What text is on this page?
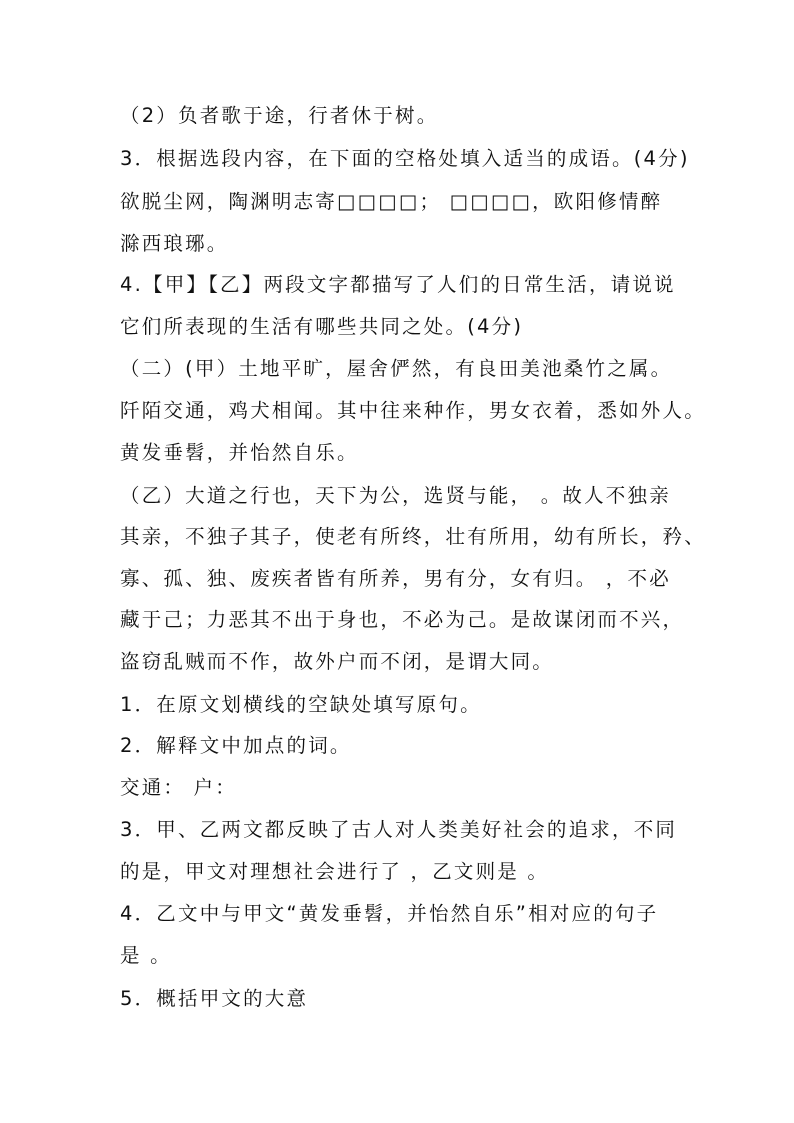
（2）负者歌于途，行者休于树。
3．根据选段内容，在下面的空格处填入适当的成语。(4分)
欲脱尘网，陶渊明志寄□□□□； □□□□，欧阳修情醉
滁西琅琊。
4.【甲】【乙】两段文字都描写了人们的日常生活，请说说
它们所表现的生活有哪些共同之处。(4分)
（二）(甲）土地平旷，屋舍俨然，有良田美池桑竹之属。
阡陌交通，鸡犬相闻。其中往来种作，男女衣着，悉如外人。
黄发垂髫，并怡然自乐。
（乙）大道之行也，天下为公，选贤与能， 。故人不独亲
其亲，不独子其子，使老有所终，壮有所用，幼有所长，矜、
寡、孤、独、废疾者皆有所养，男有分，女有归。 ，不必
藏于己；力恶其不出于身也，不必为己。是故谋闭而不兴，
盗窃乱贼而不作，故外户而不闭，是谓大同。
1．在原文划横线的空缺处填写原句。
2．解释文中加点的词。
交通： 户：
3．甲、乙两文都反映了古人对人类美好社会的追求，不同
的是，甲文对理想社会进行了 ，乙文则是 。
4．乙文中与甲文“黄发垂髫，并怡然自乐”相对应的句子
是 。
5．概括甲文的大意
